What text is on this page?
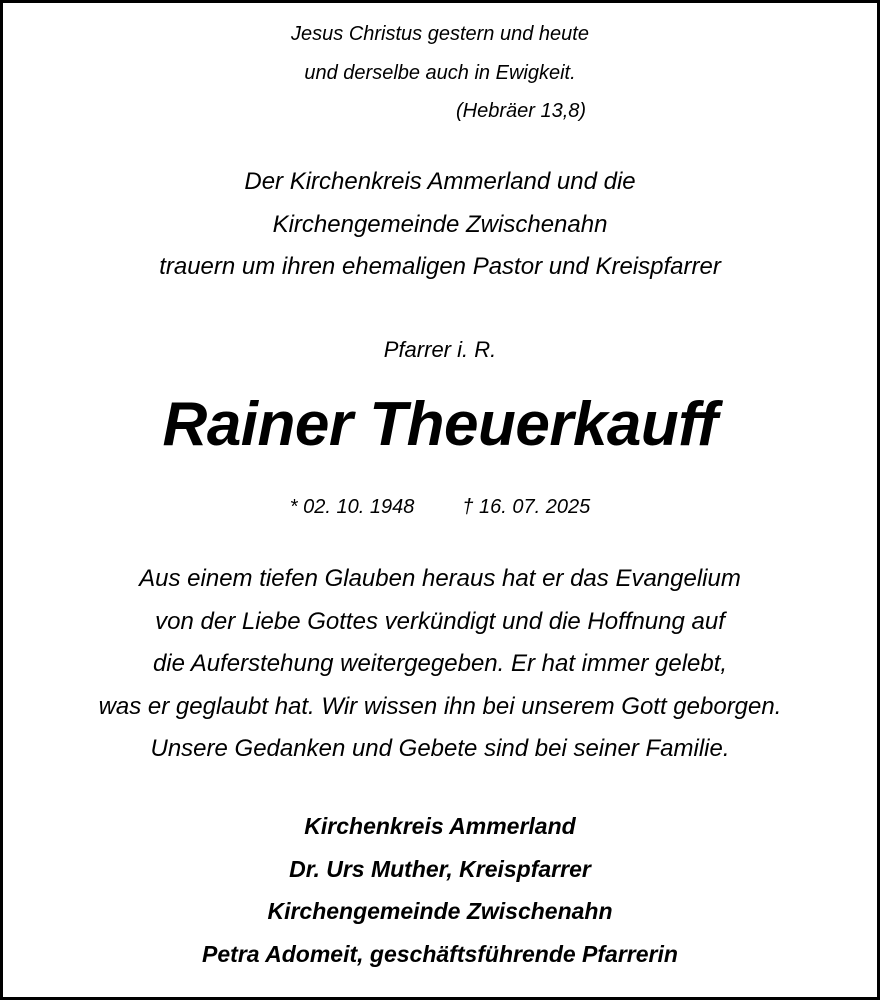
Jesus Christus gestern und heute
und derselbe auch in Ewigkeit.
(Hebräer 13,8)
Der Kirchenkreis Ammerland und die
Kirchengemeinde Zwischenahn
trauern um ihren ehemaligen Pastor und Kreispfarrer
Pfarrer i. R.
Rainer Theuerkauff
* 02. 10. 1948 † 16. 07. 2025
Aus einem tiefen Glauben heraus hat er das Evangelium
von der Liebe Gottes verkündigt und die Hoffnung auf
die Auferstehung weitergegeben. Er hat immer gelebt,
was er geglaubt hat. Wir wissen ihn bei unserem Gott geborgen.
Unsere Gedanken und Gebete sind bei seiner Familie.
Kirchenkreis Ammerland
Dr. Urs Muther, Kreispfarrer
Kirchengemeinde Zwischenahn
Petra Adomeit, geschäftsführende Pfarrerin
